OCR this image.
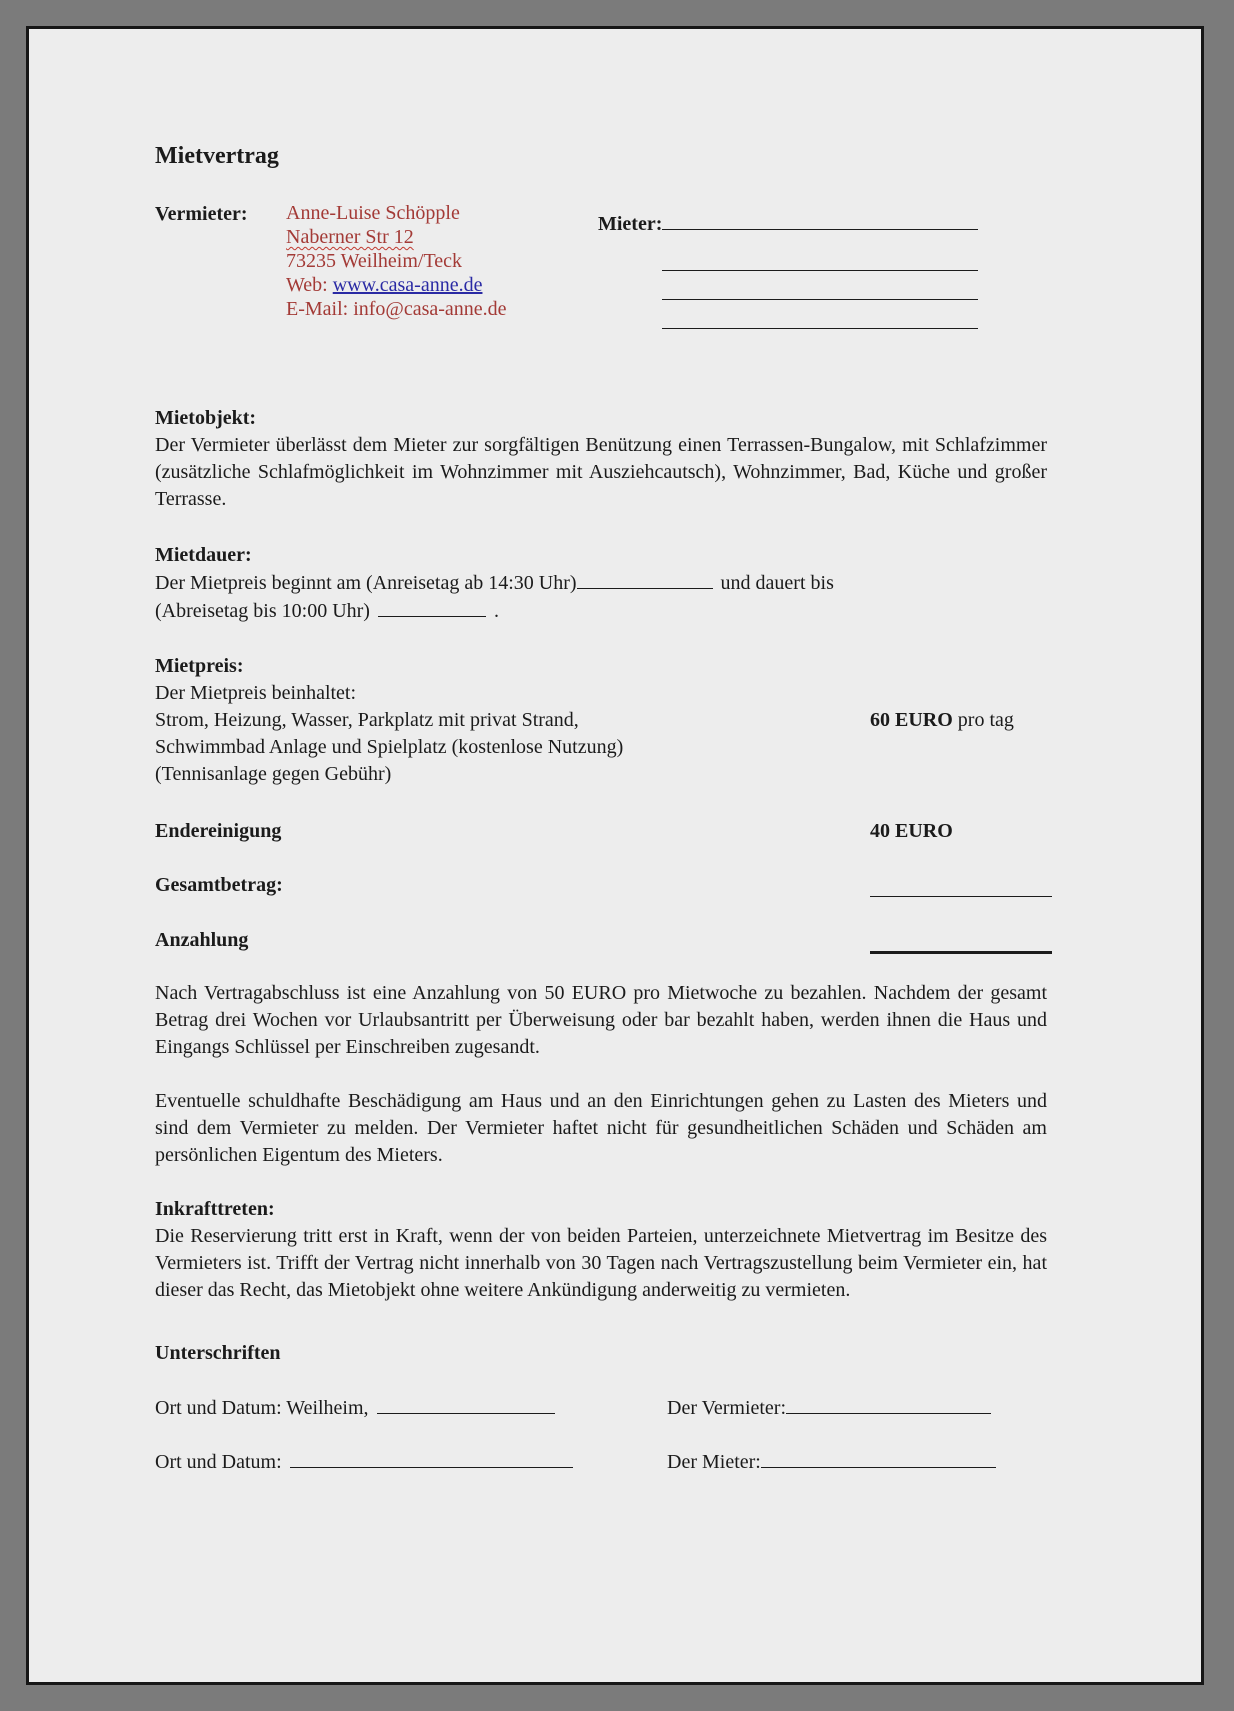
Mietvertrag
Vermieter:	Anne-Luise Schöpple
Naberner Str 12
73235 Weilheim/Teck
Web: www.casa-anne.de
E-Mail: info@casa-anne.de
Mieter:
Mietobjekt:
Der Vermieter überlässt dem Mieter zur sorgfältigen Benützung einen Terrassen-Bungalow, mit Schlafzimmer (zusätzliche Schlafmöglichkeit im Wohnzimmer mit Ausziehcautsch), Wohnzimmer, Bad, Küche und großer Terrasse.
Mietdauer:
Der Mietpreis beginnt am (Anreisetag ab 14:30 Uhr)	und dauert bis
(Abreisetag bis 10:00 Uhr)	.
Mietpreis:
Der Mietpreis beinhaltet:
Strom, Heizung, Wasser, Parkplatz mit privat Strand,	60 EURO pro tag
Schwimmbad Anlage und Spielplatz (kostenlose Nutzung)
(Tennisanlage gegen Gebühr)
Endereinigung	40 EURO
Gesamtbetrag:
Anzahlung
Nach Vertragabschluss ist eine Anzahlung von 50 EURO pro Mietwoche zu bezahlen. Nachdem der gesamt Betrag drei Wochen vor Urlaubsantritt per Überweisung oder bar bezahlt haben, werden ihnen die Haus und Eingangs Schlüssel per Einschreiben zugesandt.
Eventuelle schuldhafte Beschädigung am Haus und an den Einrichtungen gehen zu Lasten des Mieters und sind dem Vermieter zu melden. Der Vermieter haftet nicht für gesundheitlichen Schäden und Schäden am persönlichen Eigentum des Mieters.
Inkrafttreten:
Die Reservierung tritt erst in Kraft, wenn der von beiden Parteien, unterzeichnete Mietvertrag im Besitze des Vermieters ist. Trifft der Vertrag nicht innerhalb von 30 Tagen nach Vertragszustellung beim Vermieter ein, hat dieser das Recht, das Mietobjekt ohne weitere Ankündigung anderweitig zu vermieten.
Unterschriften
Ort und Datum: Weilheim,	Der Vermieter:
Ort und Datum:	Der Mieter:
